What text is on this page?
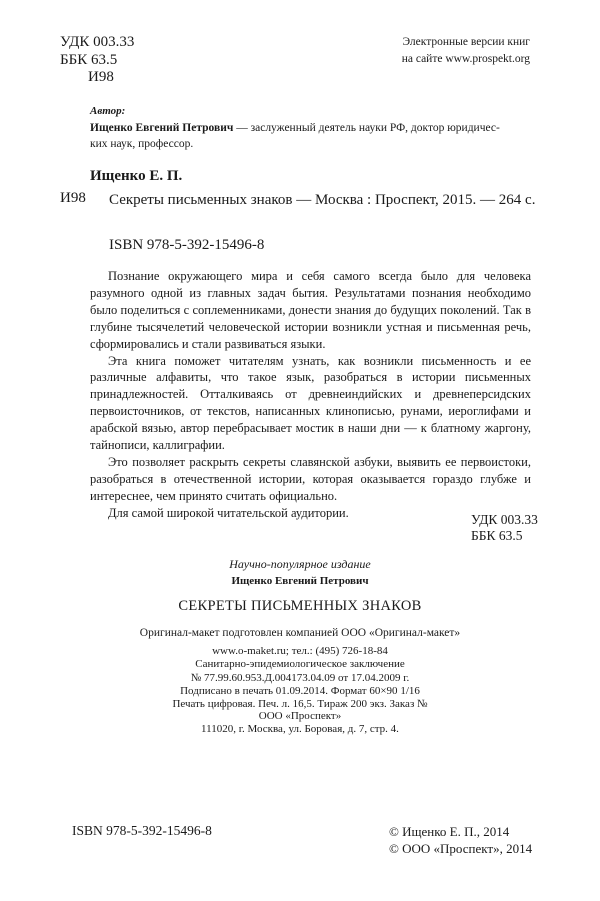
УДК 003.33
ББК 63.5
И98
Электронные версии книг
на сайте www.prospekt.org
Автор:
Ищенко Евгений Петрович — заслуженный деятель науки РФ, доктор юридичес-
ких наук, профессор.
Ищенко Е. П.
И98 Секреты письменных знаков — Москва : Проспект, 2015. — 264 с.
ISBN 978-5-392-15496-8

Познание окружающего мира и себя самого всегда было для человека разумного одной из главных задач бытия. Результатами познания необходимо было поделиться с соплеменниками, донести знания до будущих поколений. Так в глубине тысячелетий человеческой истории возникли устная и письменная речь, сформировались и стали развиваться языки.

Эта книга поможет читателям узнать, как возникли письменность и ее различные алфавиты, что такое язык, разобраться в истории письменных принадлежностей. Отталкиваясь от древнеиндийских и древнеперсидских первоисточников, от текстов, написанных клинописью, рунами, иероглифами и арабской вязью, автор перебрасывает мостик в наши дни — к блатному жаргону, тайнописи, каллиграфии.

Это позволяет раскрыть секреты славянской азбуки, выявить ее первоистоки, разобраться в отечественной истории, которая оказывается гораздо глубже и интереснее, чем принято считать официально.

Для самой широкой читательской аудитории.	УДК 003.33
ББК 63.5
Научно-популярное издание
Ищенко Евгений Петрович
СЕКРЕТЫ ПИСЬМЕННЫХ ЗНАКОВ
Оригинал-макет подготовлен компанией ООО «Оригинал-макет»
www.o-maket.ru; тел.: (495) 726-18-84
Санитарно-эпидемиологическое заключение
№ 77.99.60.953.Д.004173.04.09 от 17.04.2009 г.
Подписано в печать 01.09.2014. Формат 60×90 1/16
Печать цифровая. Печ. л. 16,5. Тираж 200 экз. Заказ №
ООО «Проспект»
111020, г. Москва, ул. Боровая, д. 7, стр. 4.
ISBN 978-5-392-15496-8	© Ищенко Е. П., 2014
© ООО «Проспект», 2014
